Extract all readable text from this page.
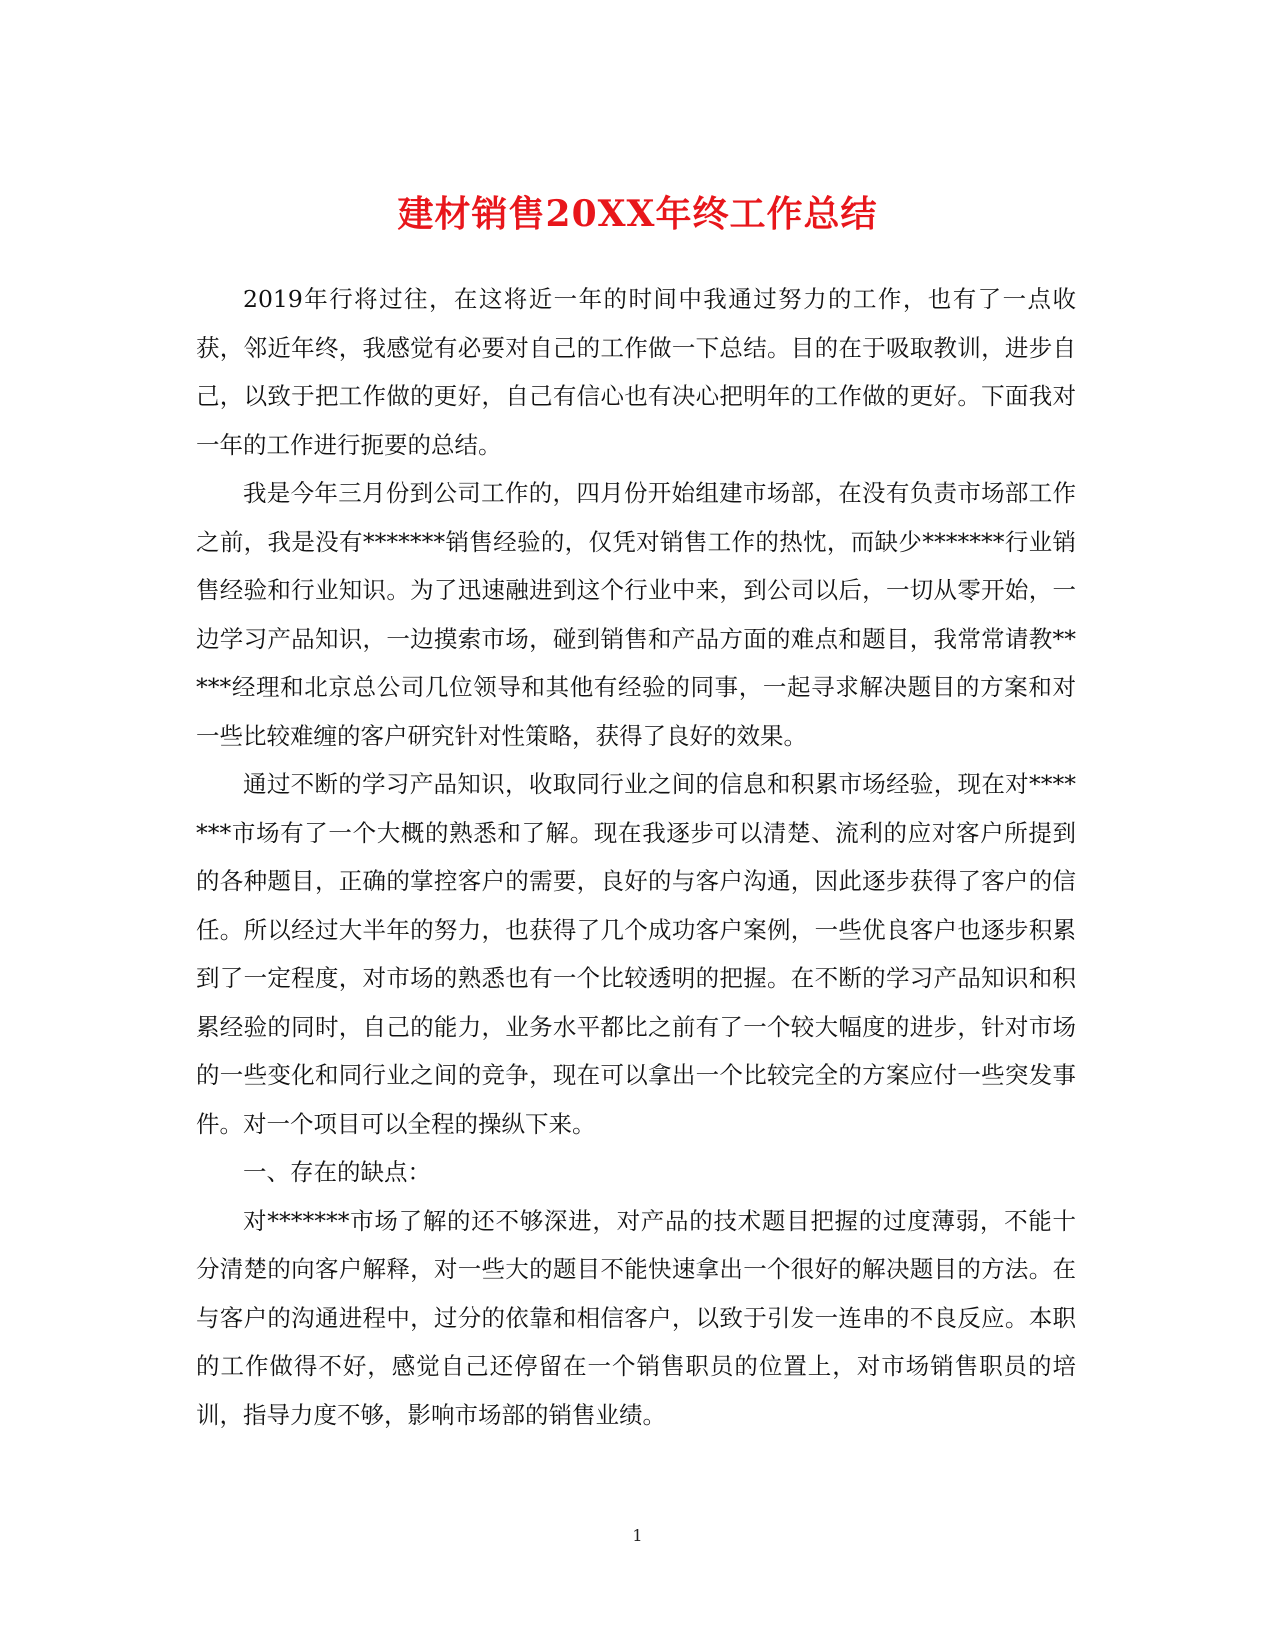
建材销售20XX年终工作总结

2019年行将过往，在这将近一年的时间中我通过努力的工作，也有了一点收获，邻近年终，我感觉有必要对自己的工作做一下总结。目的在于吸取教训，进步自己，以致于把工作做的更好，自己有信心也有决心把明年的工作做的更好。下面我对一年的工作进行扼要的总结。

我是今年三月份到公司工作的，四月份开始组建市场部，在没有负责市场部工作之前，我是没有*******销售经验的，仅凭对销售工作的热忱，而缺少*******行业销售经验和行业知识。为了迅速融进到这个行业中来，到公司以后，一切从零开始，一边学习产品知识，一边摸索市场，碰到销售和产品方面的难点和题目，我常常请教*****经理和北京总公司几位领导和其他有经验的同事，一起寻求解决题目的方案和对一些比较难缠的客户研究针对性策略，获得了良好的效果。

通过不断的学习产品知识，收取同行业之间的信息和积累市场经验，现在对*******市场有了一个大概的熟悉和了解。现在我逐步可以清楚、流利的应对客户所提到的各种题目，正确的掌控客户的需要，良好的与客户沟通，因此逐步获得了客户的信任。所以经过大半年的努力，也获得了几个成功客户案例，一些优良客户也逐步积累到了一定程度，对市场的熟悉也有一个比较透明的把握。在不断的学习产品知识和积累经验的同时，自己的能力，业务水平都比之前有了一个较大幅度的进步，针对市场的一些变化和同行业之间的竞争，现在可以拿出一个比较完全的方案应付一些突发事件。对一个项目可以全程的操纵下来。

一、存在的缺点：

对*******市场了解的还不够深进，对产品的技术题目把握的过度薄弱，不能十分清楚的向客户解释，对一些大的题目不能快速拿出一个很好的解决题目的方法。在与客户的沟通进程中，过分的依靠和相信客户，以致于引发一连串的不良反应。本职的工作做得不好，感觉自己还停留在一个销售职员的位置上，对市场销售职员的培训，指导力度不够，影响市场部的销售业绩。

1
